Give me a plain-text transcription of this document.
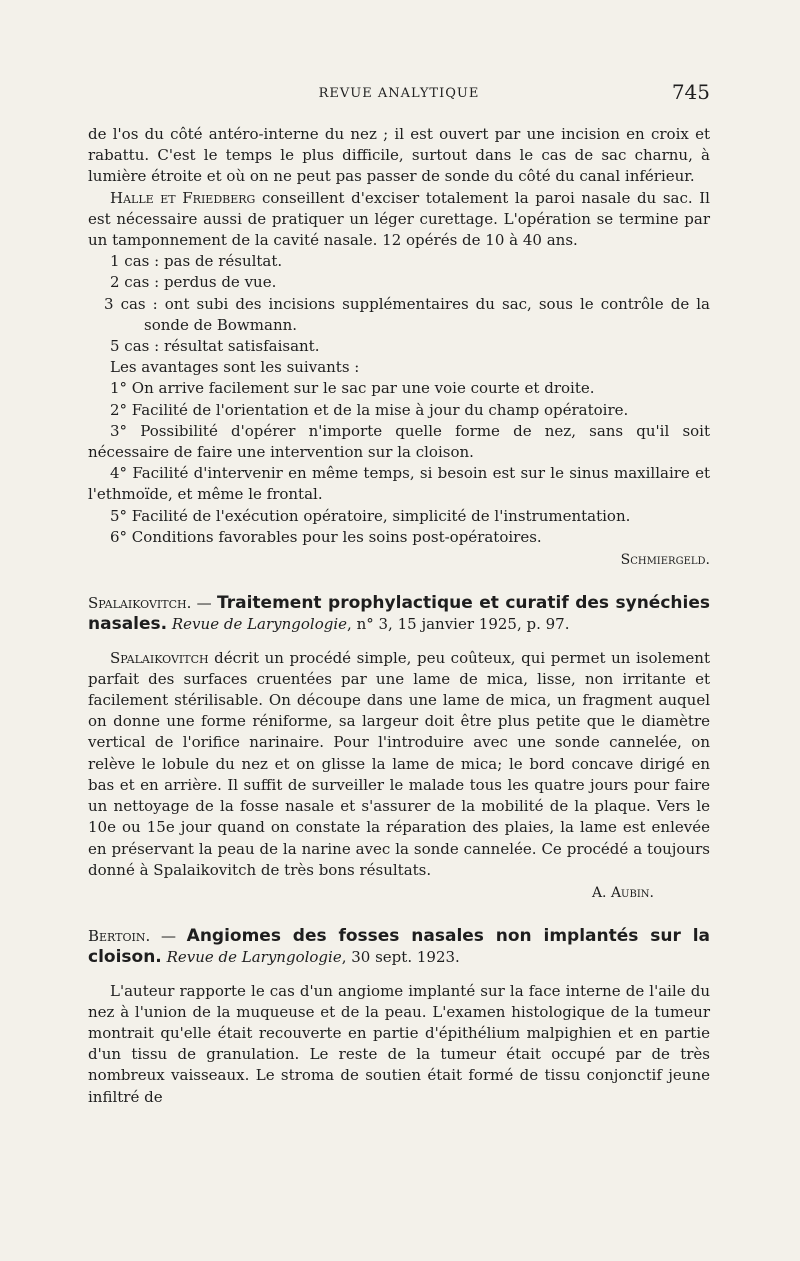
REVUE ANALYTIQUE	745

de l'os du côté antéro-interne du nez ; il est ouvert par une incision en croix et rabattu. C'est le temps le plus difficile, surtout dans le cas de sac charnu, à lumière étroite et où on ne peut pas passer de sonde du côté du canal inférieur.

Halle et Friedberg conseillent d'exciser totalement la paroi nasale du sac. Il est nécessaire aussi de pratiquer un léger curettage. L'opération se termine par un tamponnement de la cavité nasale. 12 opérés de 10 à 40 ans.

1 cas : pas de résultat.

2 cas : perdus de vue.

3 cas : ont subi des incisions supplémentaires du sac, sous le contrôle de la sonde de Bowmann.

5 cas : résultat satisfaisant.

Les avantages sont les suivants :

1° On arrive facilement sur le sac par une voie courte et droite.

2° Facilité de l'orientation et de la mise à jour du champ opératoire.

3° Possibilité d'opérer n'importe quelle forme de nez, sans qu'il soit nécessaire de faire une intervention sur la cloison.

4° Facilité d'intervenir en même temps, si besoin est sur le sinus maxillaire et l'ethmoïde, et même le frontal.

5° Facilité de l'exécution opératoire, simplicité de l'instrumentation.

6° Conditions favorables pour les soins post-opératoires.

Schmiergeld.

Spalaikovitch. — Traitement prophylactique et curatif des synéchies nasales. Revue de Laryngologie, n° 3, 15 janvier 1925, p. 97.

Spalaikovitch décrit un procédé simple, peu coûteux, qui permet un isolement parfait des surfaces cruentées par une lame de mica, lisse, non irritante et facilement stérilisable. On découpe dans une lame de mica, un fragment auquel on donne une forme réniforme, sa largeur doit être plus petite que le diamètre vertical de l'orifice narinaire. Pour l'introduire avec une sonde cannelée, on relève le lobule du nez et on glisse la lame de mica; le bord concave dirigé en bas et en arrière. Il suffit de surveiller le malade tous les quatre jours pour faire un nettoyage de la fosse nasale et s'assurer de la mobilité de la plaque. Vers le 10e ou 15e jour quand on constate la réparation des plaies, la lame est enlevée en préservant la peau de la narine avec la sonde cannelée. Ce procédé a toujours donné à Spalaikovitch de très bons résultats.

A. Aubin.

Bertoin. — Angiomes des fosses nasales non implantés sur la cloison. Revue de Laryngologie, 30 sept. 1923.

L'auteur rapporte le cas d'un angiome implanté sur la face interne de l'aile du nez à l'union de la muqueuse et de la peau. L'examen histologique de la tumeur montrait qu'elle était recouverte en partie d'épithélium malpighien et en partie d'un tissu de granulation. Le reste de la tumeur était occupé par de très nombreux vaisseaux. Le stroma de soutien était formé de tissu conjonctif jeune infiltré de
